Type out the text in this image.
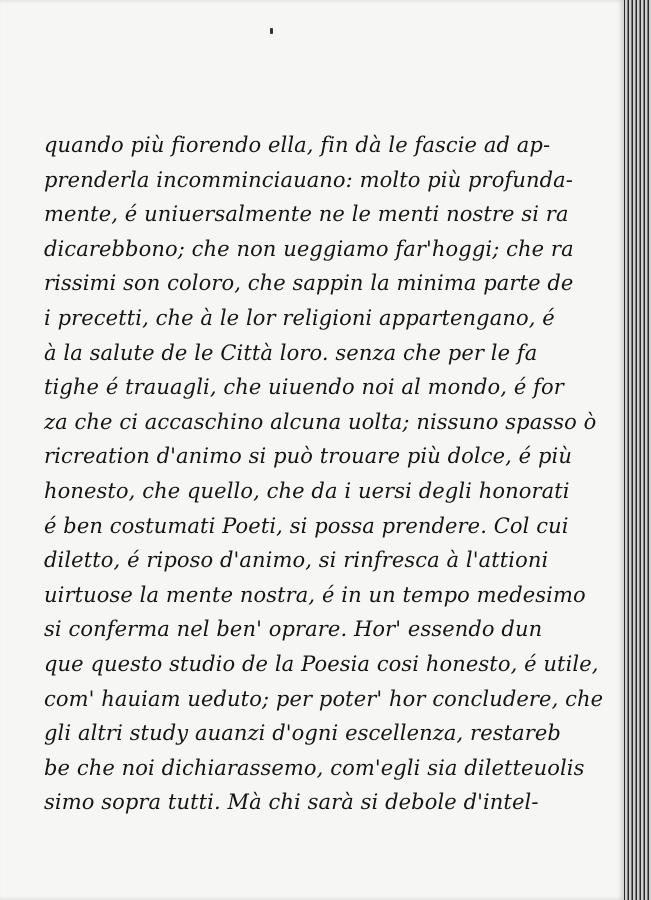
quando più fiorendo ella, fin dà le fascie ad ap-
prenderla incomminciauano: molto più profunda-
mente, é uniuersalmente ne le menti nostre si ra
dicarebbono; che non ueggiamo far'hoggi; che ra
rissimi son coloro, che sappin la minima parte de
i precetti, che à le lor religioni appartengano, é
à la salute de le Città loro. senza che per le fa
tighe é trauagli, che uiuendo noi al mondo, é for
za che ci accaschino alcuna uolta; nissuno spasso ò
ricreation d'animo si può trouare più dolce, é più
honesto, che quello, che da i uersi degli honorati
é ben costumati Poeti, si possa prendere. Col cui
diletto, é riposo d'animo, si rinfresca à l'attioni
uirtuose la mente nostra, é in un tempo medesimo
si conferma nel ben' oprare. Hor' essendo dun
que questo studio de la Poesia cosi honesto, é utile,
com' hauiam ueduto; per poter' hor concludere, che
gli altri study auanzi d'ogni escellenza, restareb
be che noi dichiarassemo, com'egli sia diletteuolis
simo sopra tutti. Mà chi sarà si debole d'intel-
